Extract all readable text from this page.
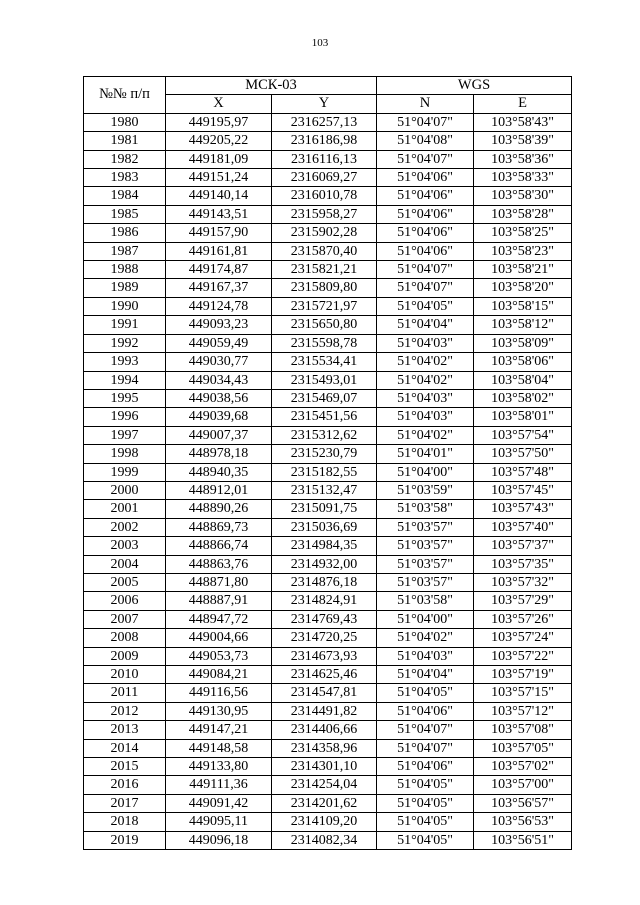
103
№№ п/п	МСК-03		WGS	
	X	Y	N	E
1980	449195,97	2316257,13	51°04'07"	103°58'43"
1981	449205,22	2316186,98	51°04'08"	103°58'39"
1982	449181,09	2316116,13	51°04'07"	103°58'36"
1983	449151,24	2316069,27	51°04'06"	103°58'33"
1984	449140,14	2316010,78	51°04'06"	103°58'30"
1985	449143,51	2315958,27	51°04'06"	103°58'28"
1986	449157,90	2315902,28	51°04'06"	103°58'25"
1987	449161,81	2315870,40	51°04'06"	103°58'23"
1988	449174,87	2315821,21	51°04'07"	103°58'21"
1989	449167,37	2315809,80	51°04'07"	103°58'20"
1990	449124,78	2315721,97	51°04'05"	103°58'15"
1991	449093,23	2315650,80	51°04'04"	103°58'12"
1992	449059,49	2315598,78	51°04'03"	103°58'09"
1993	449030,77	2315534,41	51°04'02"	103°58'06"
1994	449034,43	2315493,01	51°04'02"	103°58'04"
1995	449038,56	2315469,07	51°04'03"	103°58'02"
1996	449039,68	2315451,56	51°04'03"	103°58'01"
1997	449007,37	2315312,62	51°04'02"	103°57'54"
1998	448978,18	2315230,79	51°04'01"	103°57'50"
1999	448940,35	2315182,55	51°04'00"	103°57'48"
2000	448912,01	2315132,47	51°03'59"	103°57'45"
2001	448890,26	2315091,75	51°03'58"	103°57'43"
2002	448869,73	2315036,69	51°03'57"	103°57'40"
2003	448866,74	2314984,35	51°03'57"	103°57'37"
2004	448863,76	2314932,00	51°03'57"	103°57'35"
2005	448871,80	2314876,18	51°03'57"	103°57'32"
2006	448887,91	2314824,91	51°03'58"	103°57'29"
2007	448947,72	2314769,43	51°04'00"	103°57'26"
2008	449004,66	2314720,25	51°04'02"	103°57'24"
2009	449053,73	2314673,93	51°04'03"	103°57'22"
2010	449084,21	2314625,46	51°04'04"	103°57'19"
2011	449116,56	2314547,81	51°04'05"	103°57'15"
2012	449130,95	2314491,82	51°04'06"	103°57'12"
2013	449147,21	2314406,66	51°04'07"	103°57'08"
2014	449148,58	2314358,96	51°04'07"	103°57'05"
2015	449133,80	2314301,10	51°04'06"	103°57'02"
2016	449111,36	2314254,04	51°04'05"	103°57'00"
2017	449091,42	2314201,62	51°04'05"	103°56'57"
2018	449095,11	2314109,20	51°04'05"	103°56'53"
2019	449096,18	2314082,34	51°04'05"	103°56'51"
